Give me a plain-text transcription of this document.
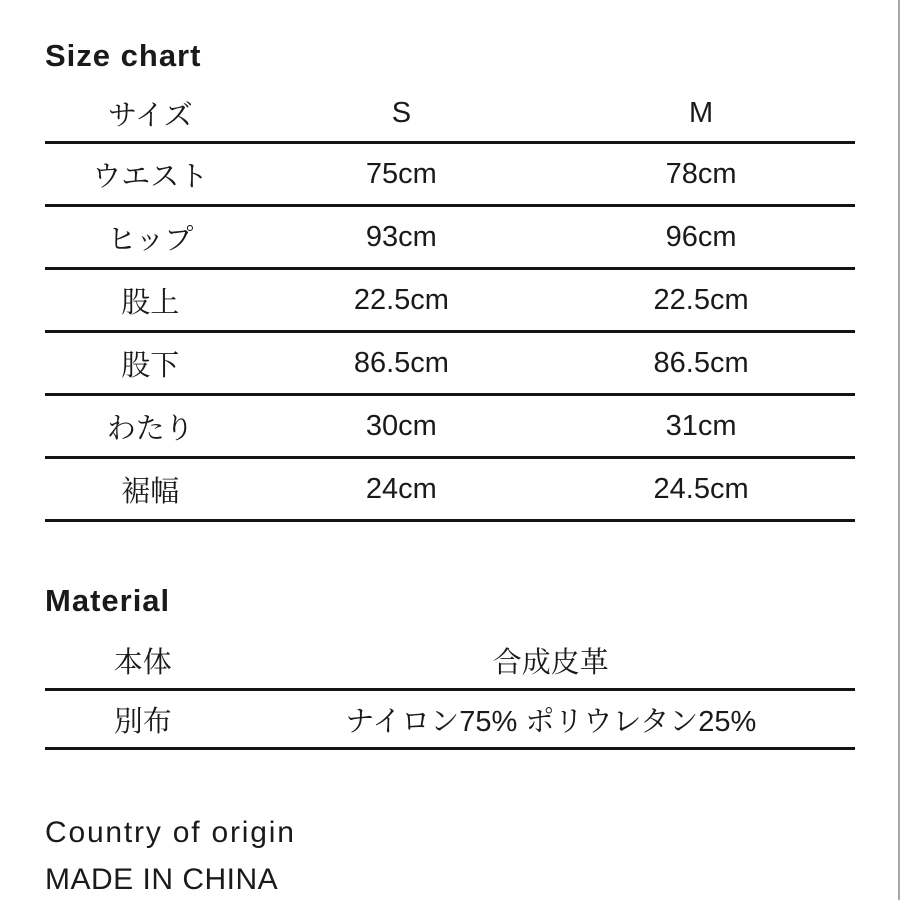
Size chart
サイズ	S	M
ウエスト	75cm	78cm
ヒップ	93cm	96cm
股上	22.5cm	22.5cm
股下	86.5cm	86.5cm
わたり	30cm	31cm
裾幅	24cm	24.5cm
Material
本体	合成皮革
別布	ナイロン75% ポリウレタン25%
Country of origin
MADE IN CHINA
